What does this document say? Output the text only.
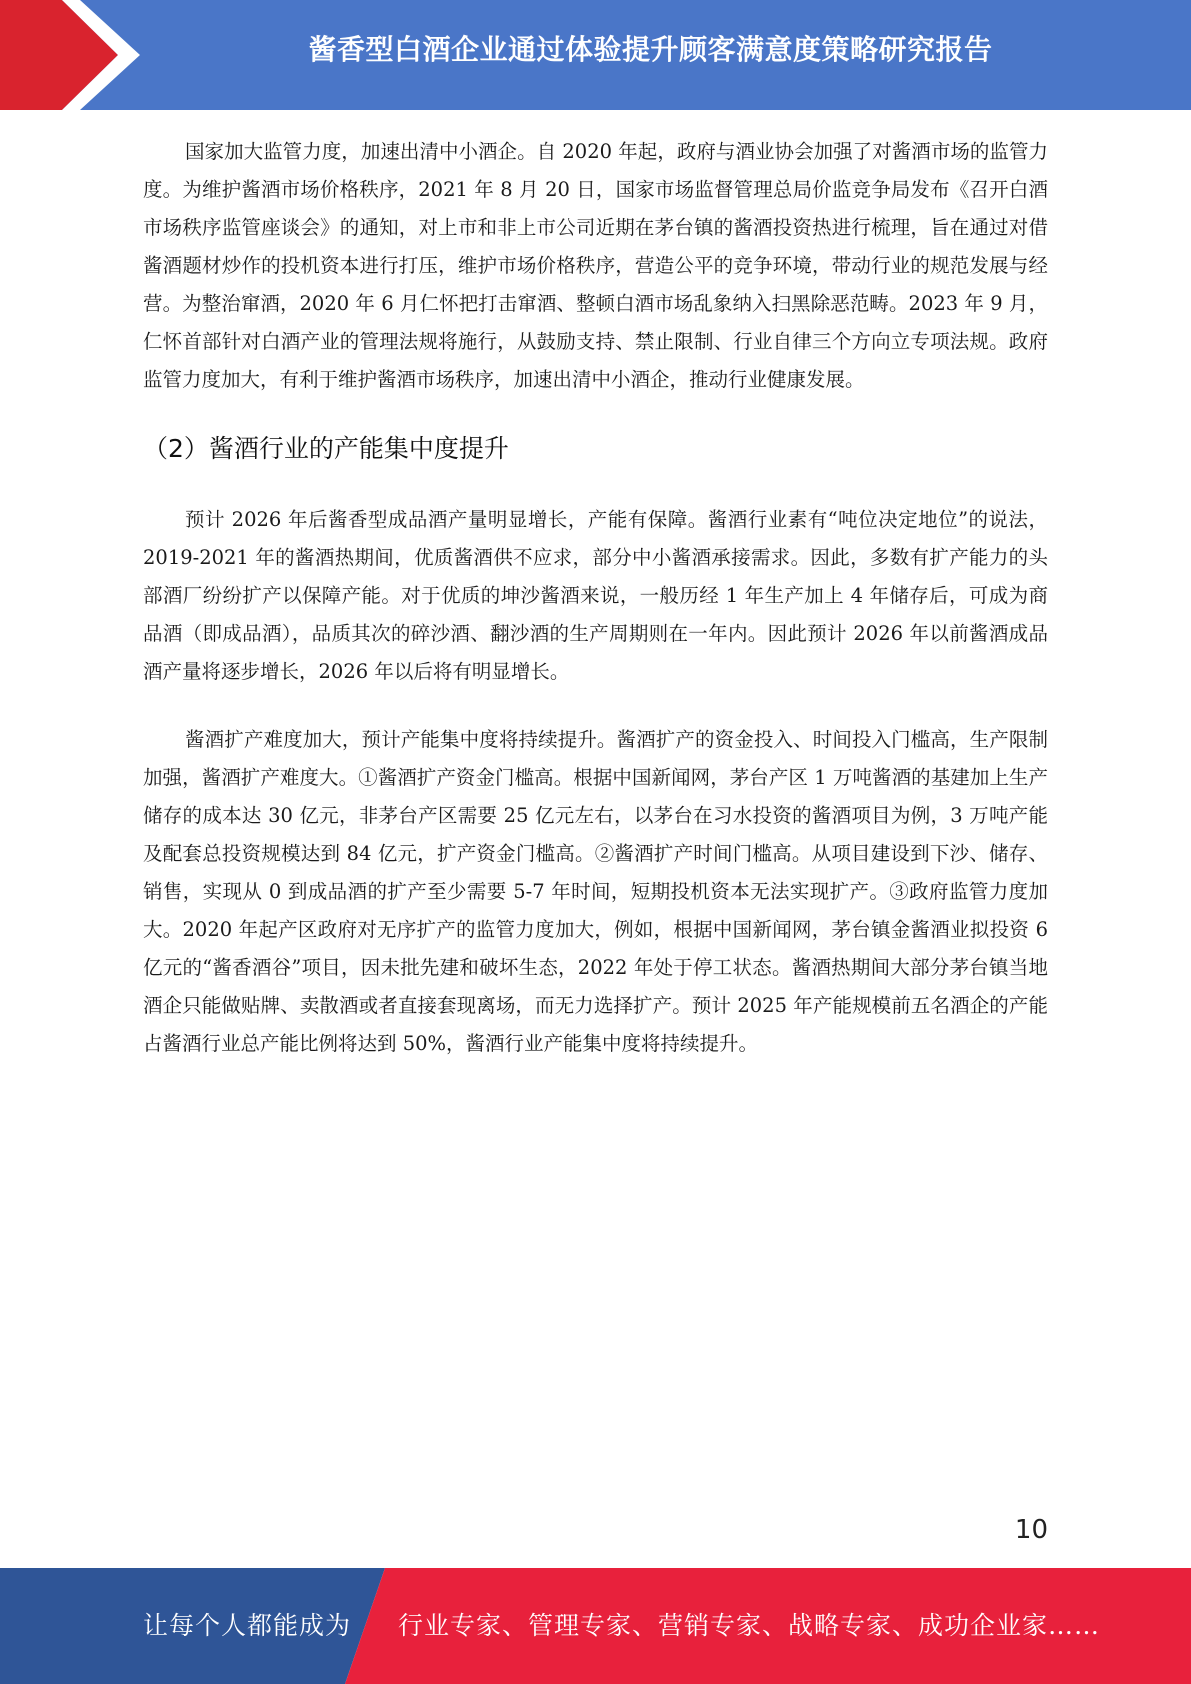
酱香型白酒企业通过体验提升顾客满意度策略研究报告

国家加大监管力度，加速出清中小酒企。自 2020 年起，政府与酒业协会加强了对酱酒市场的监管力度。为维护酱酒市场价格秩序，2021 年 8 月 20 日，国家市场监督管理总局价监竞争局发布《召开白酒市场秩序监管座谈会》的通知，对上市和非上市公司近期在茅台镇的酱酒投资热进行梳理，旨在通过对借酱酒题材炒作的投机资本进行打压，维护市场价格秩序，营造公平的竞争环境，带动行业的规范发展与经营。为整治窜酒，2020 年 6 月仁怀把打击窜酒、整顿白酒市场乱象纳入扫黑除恶范畴。2023 年 9 月，仁怀首部针对白酒产业的管理法规将施行，从鼓励支持、禁止限制、行业自律三个方向立专项法规。政府监管力度加大，有利于维护酱酒市场秩序，加速出清中小酒企，推动行业健康发展。

（2）酱酒行业的产能集中度提升

预计 2026 年后酱香型成品酒产量明显增长，产能有保障。酱酒行业素有“吨位决定地位”的说法，2019-2021 年的酱酒热期间，优质酱酒供不应求，部分中小酱酒承接需求。因此，多数有扩产能力的头部酒厂纷纷扩产以保障产能。对于优质的坤沙酱酒来说，一般历经 1 年生产加上 4 年储存后，可成为商品酒（即成品酒），品质其次的碎沙酒、翻沙酒的生产周期则在一年内。因此预计 2026 年以前酱酒成品酒产量将逐步增长，2026 年以后将有明显增长。

酱酒扩产难度加大，预计产能集中度将持续提升。酱酒扩产的资金投入、时间投入门槛高，生产限制加强，酱酒扩产难度大。①酱酒扩产资金门槛高。根据中国新闻网，茅台产区 1 万吨酱酒的基建加上生产储存的成本达 30 亿元，非茅台产区需要 25 亿元左右，以茅台在习水投资的酱酒项目为例，3 万吨产能及配套总投资规模达到 84 亿元，扩产资金门槛高。②酱酒扩产时间门槛高。从项目建设到下沙、储存、销售，实现从 0 到成品酒的扩产至少需要 5-7 年时间，短期投机资本无法实现扩产。③政府监管力度加大。2020 年起产区政府对无序扩产的监管力度加大，例如，根据中国新闻网，茅台镇金酱酒业拟投资 6 亿元的“酱香酒谷”项目，因未批先建和破坏生态，2022 年处于停工状态。酱酒热期间大部分茅台镇当地酒企只能做贴牌、卖散酒或者直接套现离场，而无力选择扩产。预计 2025 年产能规模前五名酒企的产能占酱酒行业总产能比例将达到 50%，酱酒行业产能集中度将持续提升。

10
让每个人都能成为 行业专家、管理专家、营销专家、战略专家、成功企业家……
